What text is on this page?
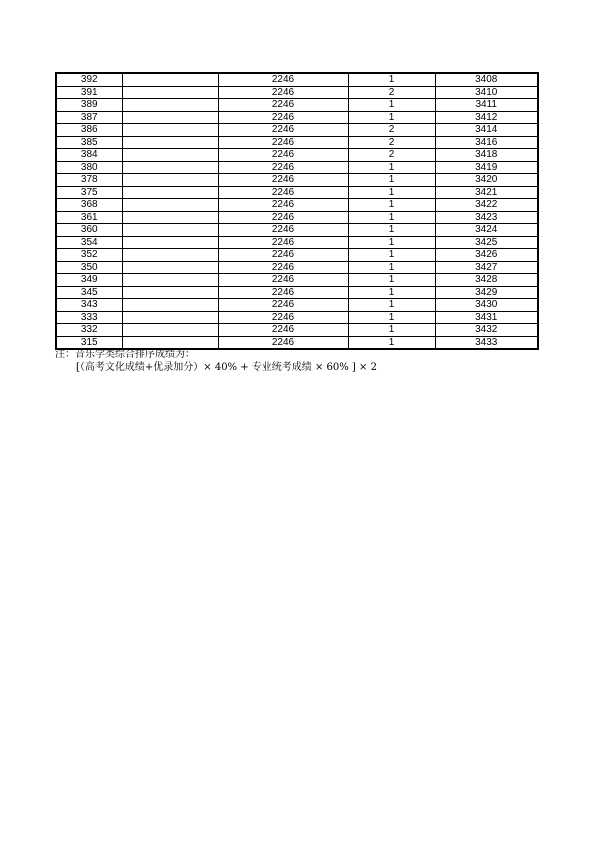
392		2246	1	3408
391		2246	2	3410
389		2246	1	3411
387		2246	1	3412
386		2246	2	3414
385		2246	2	3416
384		2246	2	3418
380		2246	1	3419
378		2246	1	3420
375		2246	1	3421
368		2246	1	3422
361		2246	1	3423
360		2246	1	3424
354		2246	1	3425
352		2246	1	3426
350		2246	1	3427
349		2246	1	3428
345		2246	1	3429
343		2246	1	3430
333		2246	1	3431
332		2246	1	3432
315		2246	1	3433
注：音乐学类综合排序成绩为：
[（高考文化成绩+优录加分）× 40% + 专业统考成绩 × 60% ] × 2
